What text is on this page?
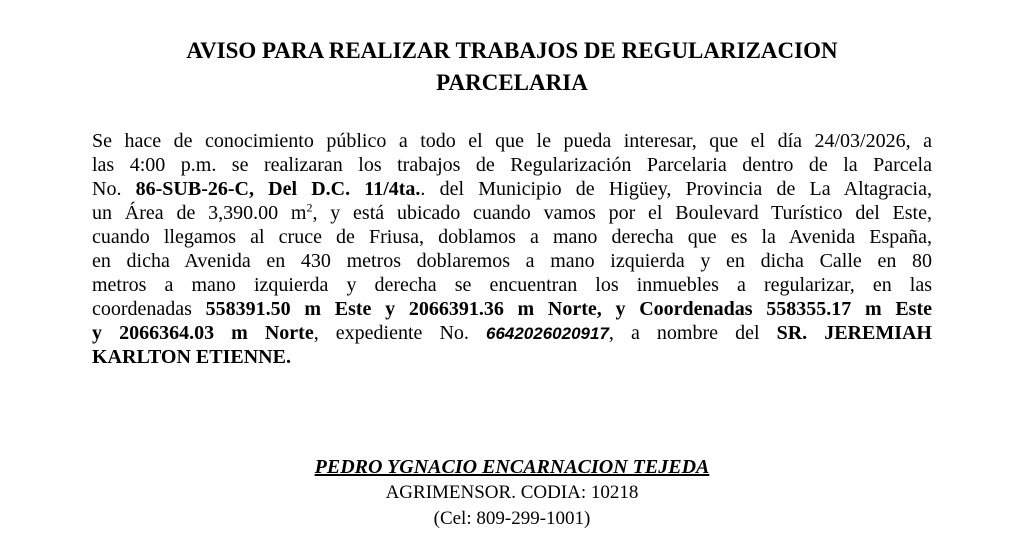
AVISO PARA REALIZAR TRABAJOS DE REGULARIZACION
PARCELARIA
Se hace de conocimiento público a todo el que le pueda interesar, que el día 24/03/2026, a
las 4:00 p.m. se realizaran los trabajos de Regularización Parcelaria dentro de la Parcela
No. 86-SUB-26-C, Del D.C. 11/4ta.. del Municipio de Higüey, Provincia de La Altagracia,
un Área de 3,390.00 $m^2$, y está ubicado cuando vamos por el Boulevard Turístico del Este,
cuando llegamos al cruce de Friusa, doblamos a mano derecha que es la Avenida España,
en dicha Avenida en 430 metros doblaremos a mano izquierda y en dicha Calle en 80
metros a mano izquierda y derecha se encuentran los inmuebles a regularizar, en las
coordenadas 558391.50 m Este y 2066391.36 m Norte, y Coordenadas 558355.17 m Este
y 2066364.03 m Norte, expediente No. 6642026020917, a nombre del SR. JEREMIAH
KARLTON ETIENNE.
PEDRO YGNACIO ENCARNACION TEJEDA
AGRIMENSOR. CODIA: 10218
(Cel: 809-299-1001)
